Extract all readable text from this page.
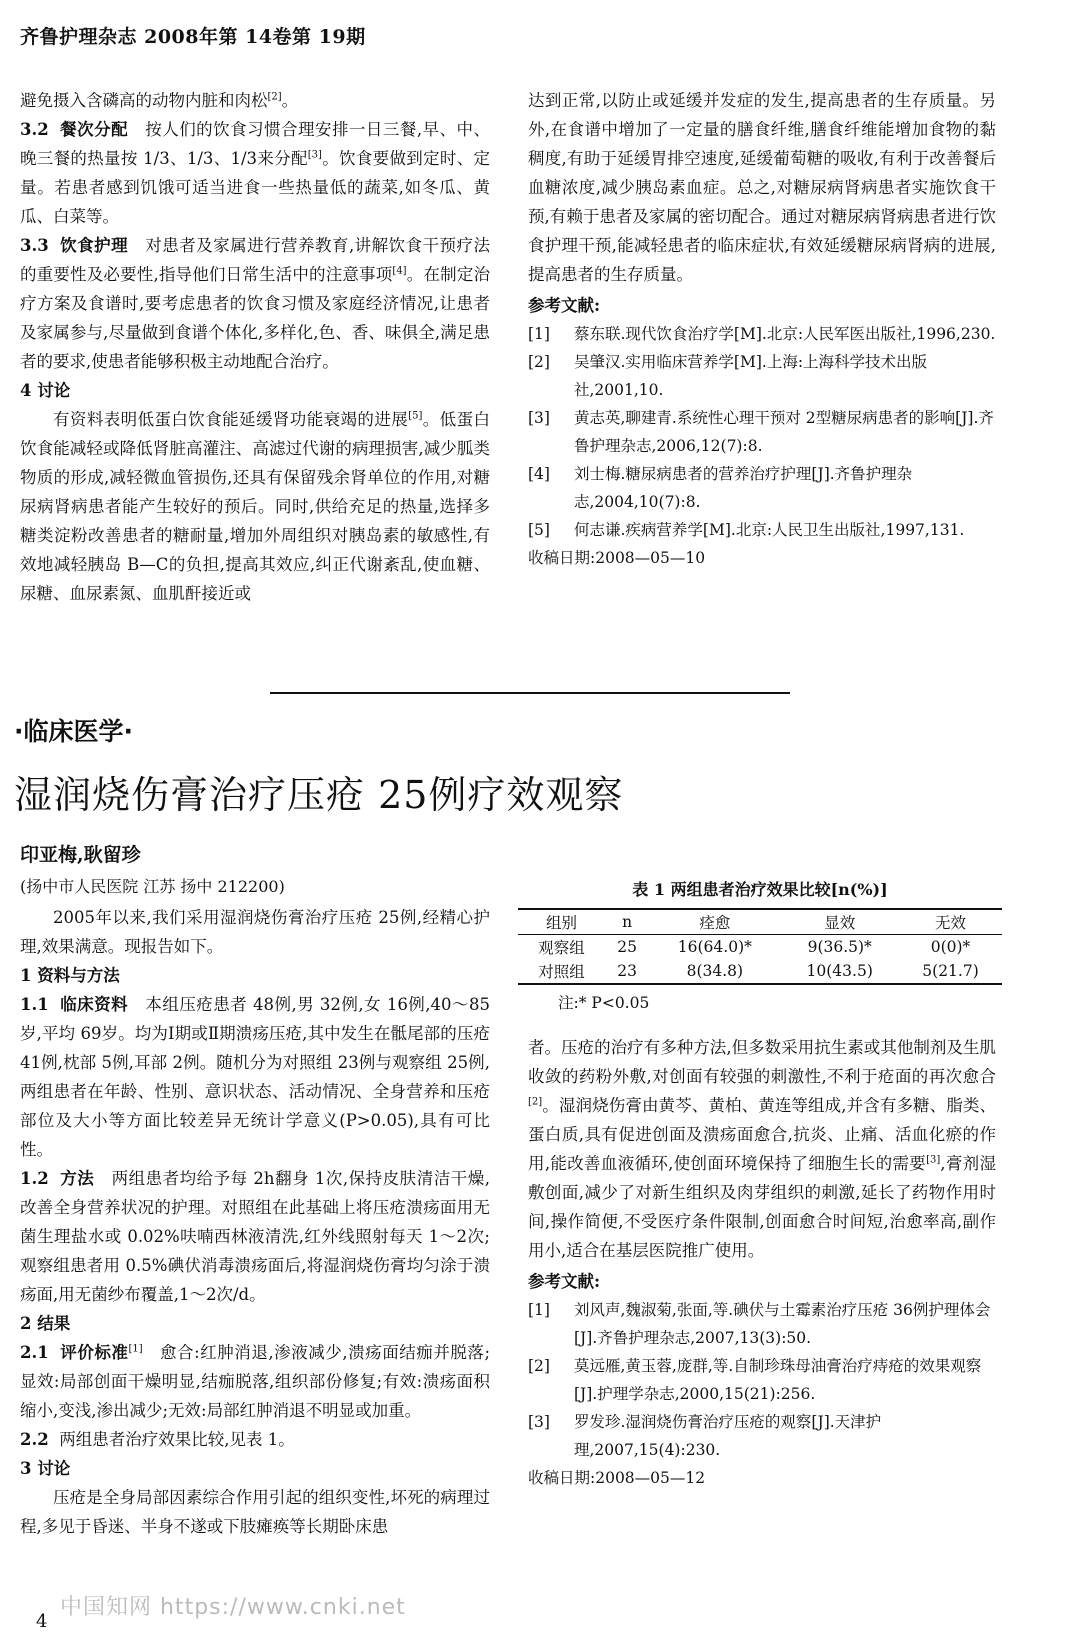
齐鲁护理杂志 2008年第 14卷第 19期

避免摄入含磷高的动物内脏和肉松[2]。

3.2 餐次分配 按人们的饮食习惯合理安排一日三餐,早、中、晚三餐的热量按 1/3、1/3、1/3来分配[3]。饮食要做到定时、定量。若患者感到饥饿可适当进食一些热量低的蔬菜,如冬瓜、黄瓜、白菜等。

3.3 饮食护理 对患者及家属进行营养教育,讲解饮食干预疗法的重要性及必要性,指导他们日常生活中的注意事项[4]。在制定治疗方案及食谱时,要考虑患者的饮食习惯及家庭经济情况,让患者及家属参与,尽量做到食谱个体化,多样化,色、香、味俱全,满足患者的要求,使患者能够积极主动地配合治疗。

4 讨论

有资料表明低蛋白饮食能延缓肾功能衰竭的进展[5]。低蛋白饮食能减轻或降低肾脏高灌注、高滤过代谢的病理损害,减少胍类物质的形成,减轻微血管损伤,还具有保留残余肾单位的作用,对糖尿病肾病患者能产生较好的预后。同时,供给充足的热量,选择多糖类淀粉改善患者的糖耐量,增加外周组织对胰岛素的敏感性,有效地减轻胰岛 B—C的负担,提高其效应,纠正代谢紊乱,使血糖、尿糖、血尿素氮、血肌酐接近或

达到正常,以防止或延缓并发症的发生,提高患者的生存质量。另外,在食谱中增加了一定量的膳食纤维,膳食纤维能增加食物的黏稠度,有助于延缓胃排空速度,延缓葡萄糖的吸收,有利于改善餐后血糖浓度,减少胰岛素血症。总之,对糖尿病肾病患者实施饮食干预,有赖于患者及家属的密切配合。通过对糖尿病肾病患者进行饮食护理干预,能减轻患者的临床症状,有效延缓糖尿病肾病的进展,提高患者的生存质量。

参考文献:

[1]	蔡东联.现代饮食治疗学[M].北京:人民军医出版社,1996,230.
[2]	吴肇汉.实用临床营养学[M].上海:上海科学技术出版社,2001,10.
[3]	黄志英,聊建青.系统性心理干预对 2型糖尿病患者的影响[J].齐鲁护理杂志,2006,12(7):8.
[4]	刘士梅.糖尿病患者的营养治疗护理[J].齐鲁护理杂志,2004,10(7):8.
[5]	何志谦.疾病营养学[M].北京:人民卫生出版社,1997,131.

收稿日期:2008—05—10

·临床医学·
湿润烧伤膏治疗压疮 25例疗效观察
印亚梅,耿留珍
(扬中市人民医院 江苏 扬中 212200)

2005年以来,我们采用湿润烧伤膏治疗压疮 25例,经精心护理,效果满意。现报告如下。

1 资料与方法

1.1 临床资料 本组压疮患者 48例,男 32例,女 16例,40～85岁,平均 69岁。均为Ⅰ期或Ⅱ期溃疡压疮,其中发生在骶尾部的压疮 41例,枕部 5例,耳部 2例。随机分为对照组 23例与观察组 25例,两组患者在年龄、性别、意识状态、活动情况、全身营养和压疮部位及大小等方面比较差异无统计学意义(P>0.05),具有可比性。

1.2 方法 两组患者均给予每 2h翻身 1次,保持皮肤清洁干燥,改善全身营养状况的护理。对照组在此基础上将压疮溃疡面用无菌生理盐水或 0.02%呋喃西林液清洗,红外线照射每天 1～2次;观察组患者用 0.5%碘伏消毒溃疡面后,将湿润烧伤膏均匀涂于溃疡面,用无菌纱布覆盖,1～2次/d。

2 结果

2.1 评价标准[1] 愈合:红肿消退,渗液减少,溃疡面结痂并脱落;显效:局部创面干燥明显,结痂脱落,组织部份修复;有效:溃疡面积缩小,变浅,渗出减少;无效:局部红肿消退不明显或加重。

2.2 两组患者治疗效果比较,见表 1。

3 讨论

压疮是全身局部因素综合作用引起的组织变性,坏死的病理过程,多见于昏迷、半身不遂或下肢瘫痪等长期卧床患

表 1 两组患者治疗效果比较[n(%)]
组别	n	痊愈	显效	无效
观察组	25	16(64.0)*	9(36.5)*	0(0)*
对照组	23	8(34.8)	10(43.5)	5(21.7)
注:* P<0.05

者。压疮的治疗有多种方法,但多数采用抗生素或其他制剂及生肌收敛的药粉外敷,对创面有较强的刺激性,不利于疮面的再次愈合[2]。湿润烧伤膏由黄芩、黄柏、黄连等组成,并含有多糖、脂类、蛋白质,具有促进创面及溃疡面愈合,抗炎、止痛、活血化瘀的作用,能改善血液循环,使创面环境保持了细胞生长的需要[3],膏剂湿敷创面,减少了对新生组织及肉芽组织的刺激,延长了药物作用时间,操作简便,不受医疗条件限制,创面愈合时间短,治愈率高,副作用小,适合在基层医院推广使用。

参考文献:

[1]	刘风声,魏淑菊,张面,等.碘伏与土霉素治疗压疮 36例护理体会[J].齐鲁护理杂志,2007,13(3):50.
[2]	莫远雁,黄玉蓉,庞群,等.自制珍珠母油膏治疗痔疮的效果观察[J].护理学杂志,2000,15(21):256.
[3]	罗发珍.湿润烧伤膏治疗压疮的观察[J].天津护理,2007,15(4):230.

收稿日期:2008—05—12

中国知网 https://www.cnki.net
4
